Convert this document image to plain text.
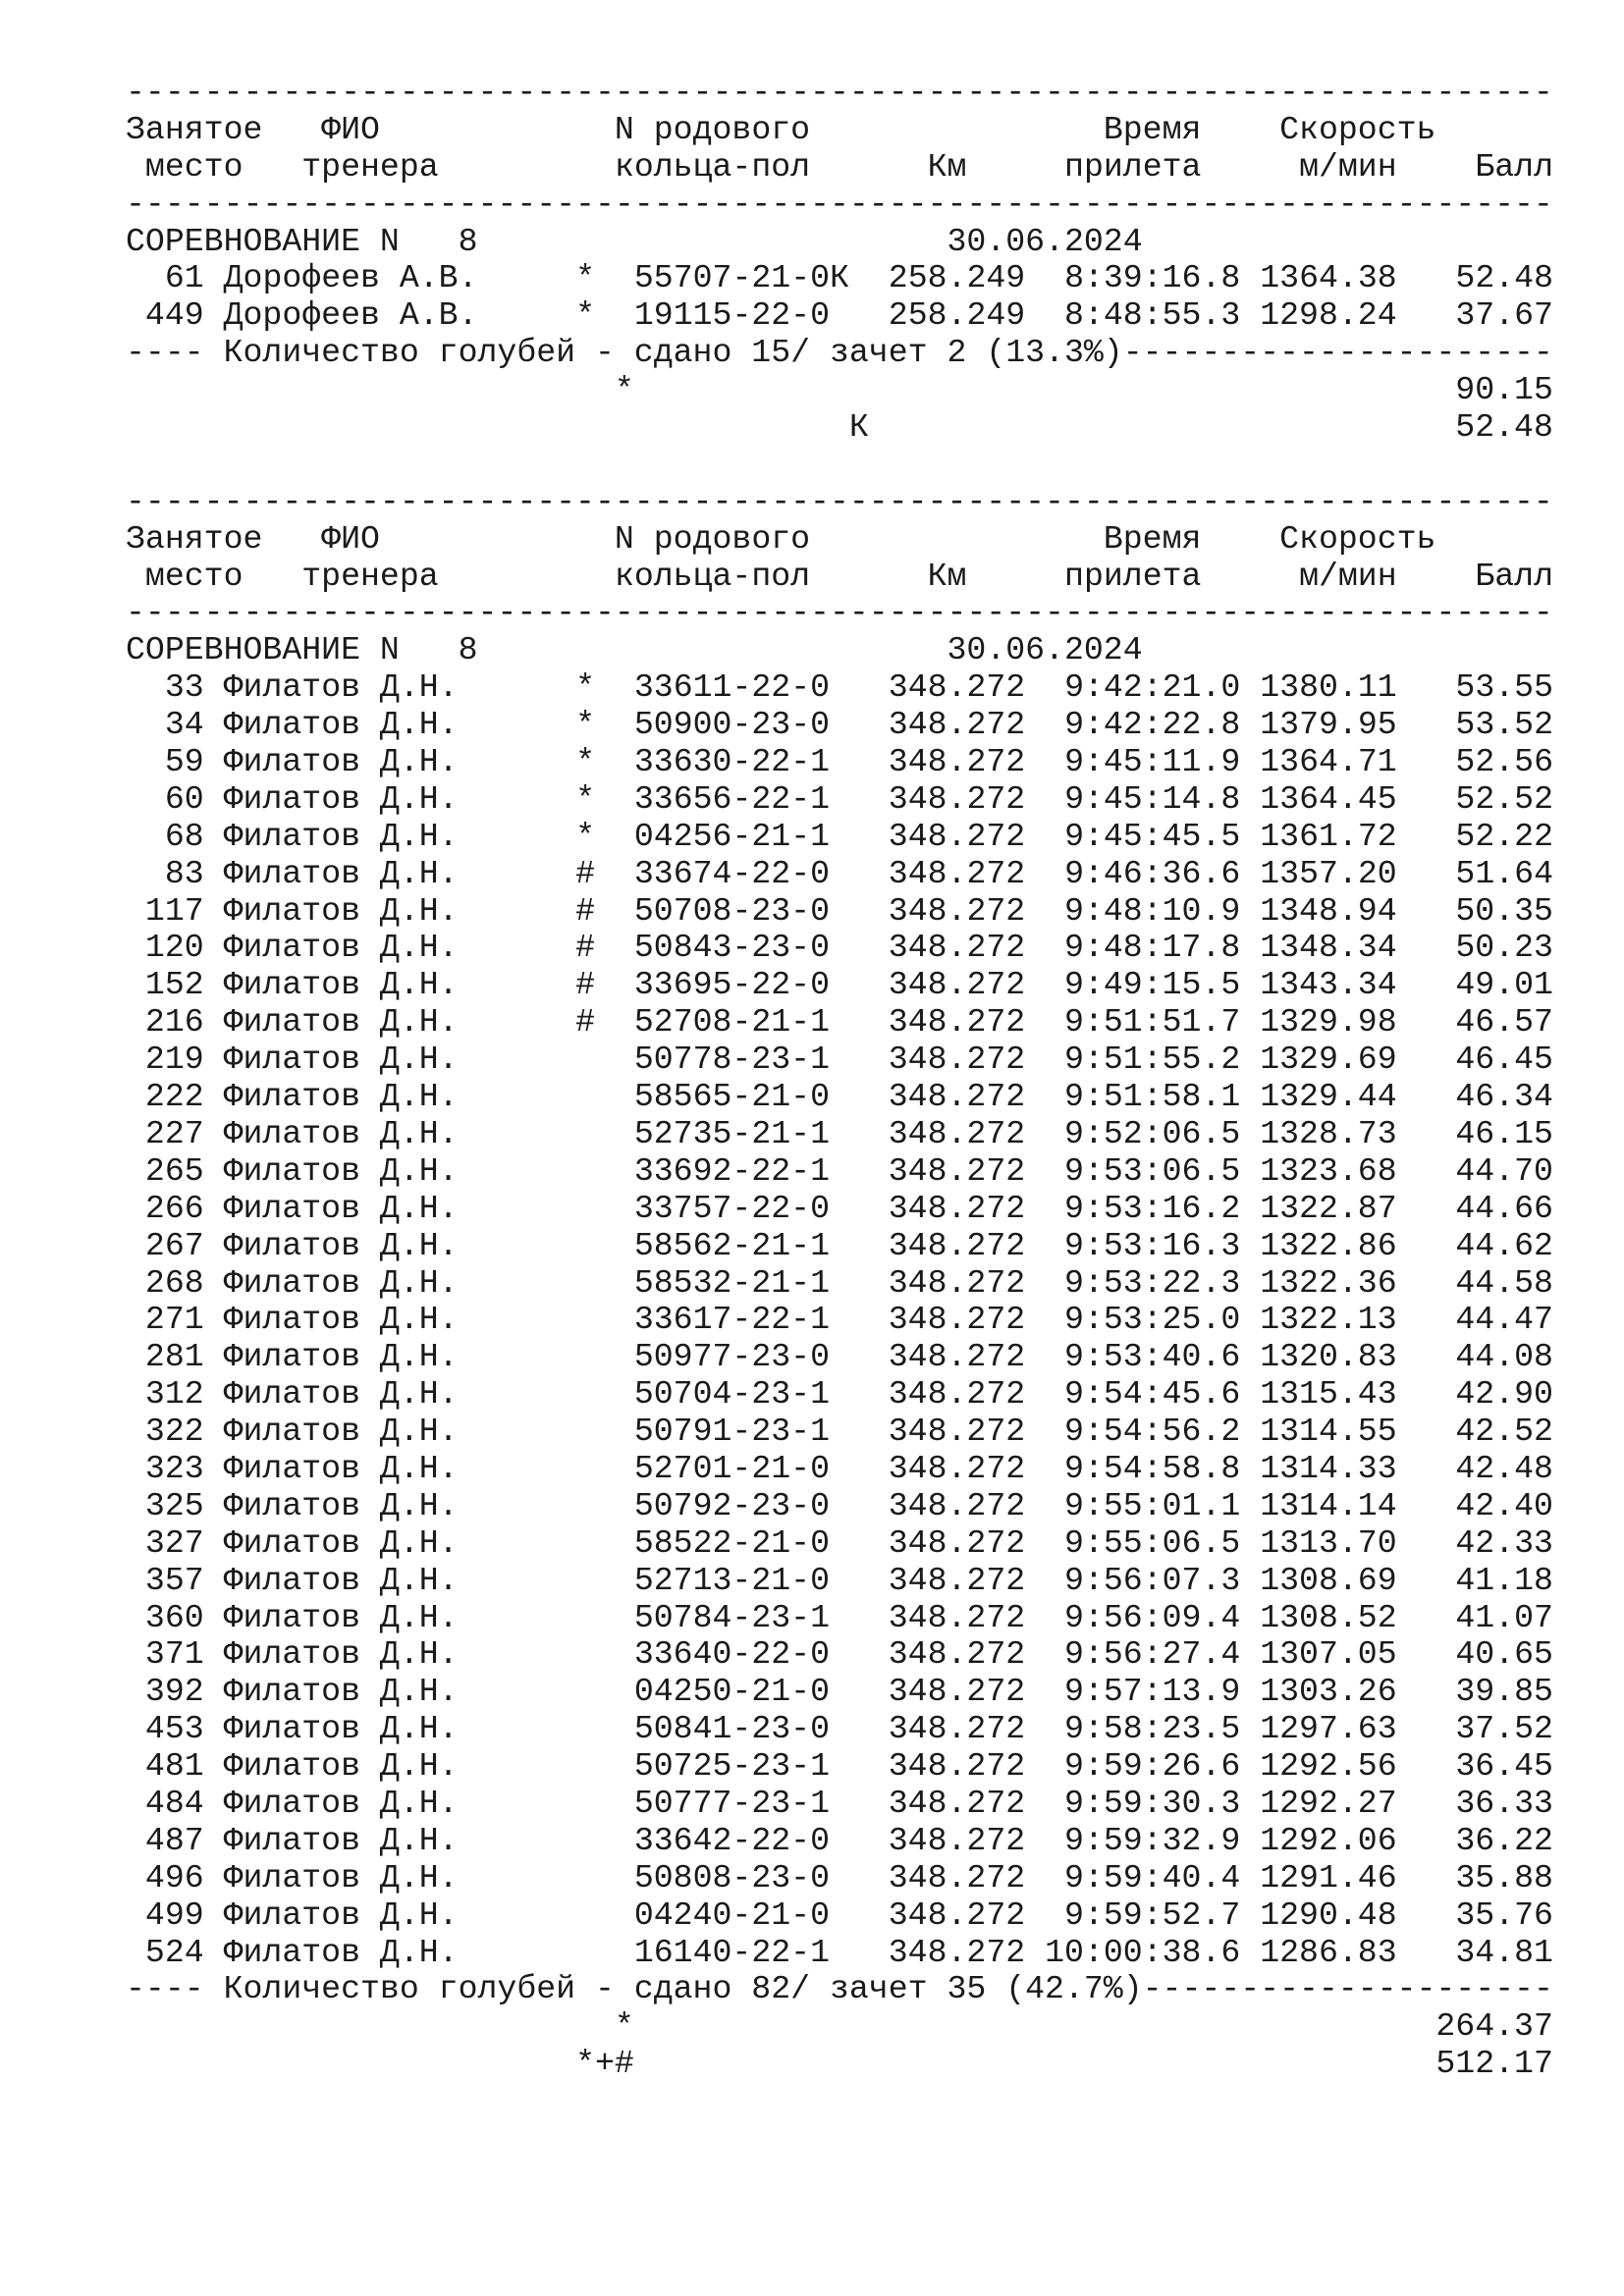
-------------------------------------------------------------------------
Занятое ФИО	N родового	Время Скорость
место тренера	кольца-пол	Км	прилета	м/мин Балл
-------------------------------------------------------------------------
СОРЕВНОВАНИЕ N   8	30.06.2024
61 Дорофеев А.В.	* 55707-21-0К 258.249 8:39:16.8 1364.38 52.48
449 Дорофеев А.В.	* 19115-22-0 258.249 8:48:55.3 1298.24 37.67
---- Количество голубей - сдано 15/ зачет 2 (13.3%)----------------------
*	90.15
К	52.48
-------------------------------------------------------------------------
Занятое ФИО	N родового	Время Скорость
место тренера	кольца-пол	Км	прилета	м/мин Балл
-------------------------------------------------------------------------
СОРЕВНОВАНИЕ N   8	30.06.2024
33 Филатов Д.Н.	* 33611-22-0 348.272 9:42:21.0 1380.11 53.55
34 Филатов Д.Н.	* 50900-23-0 348.272 9:42:22.8 1379.95 53.52
59 Филатов Д.Н.	* 33630-22-1 348.272 9:45:11.9 1364.71 52.56
60 Филатов Д.Н.	* 33656-22-1 348.272 9:45:14.8 1364.45 52.52
68 Филатов Д.Н.	* 04256-21-1 348.272 9:45:45.5 1361.72 52.22
83 Филатов Д.Н.	# 33674-22-0 348.272 9:46:36.6 1357.20 51.64
117 Филатов Д.Н.	# 50708-23-0 348.272 9:48:10.9 1348.94 50.35
120 Филатов Д.Н.	# 50843-23-0 348.272 9:48:17.8 1348.34 50.23
152 Филатов Д.Н.	# 33695-22-0 348.272 9:49:15.5 1343.34 49.01
216 Филатов Д.Н.	# 52708-21-1 348.272 9:51:51.7 1329.98 46.57
219 Филатов Д.Н.	50778-23-1 348.272 9:51:55.2 1329.69 46.45
222 Филатов Д.Н.	58565-21-0 348.272 9:51:58.1 1329.44 46.34
227 Филатов Д.Н.	52735-21-1 348.272 9:52:06.5 1328.73 46.15
265 Филатов Д.Н.	33692-22-1 348.272 9:53:06.5 1323.68 44.70
266 Филатов Д.Н.	33757-22-0 348.272 9:53:16.2 1322.87 44.66
267 Филатов Д.Н.	58562-21-1 348.272 9:53:16.3 1322.86 44.62
268 Филатов Д.Н.	58532-21-1 348.272 9:53:22.3 1322.36 44.58
271 Филатов Д.Н.	33617-22-1 348.272 9:53:25.0 1322.13 44.47
281 Филатов Д.Н.	50977-23-0 348.272 9:53:40.6 1320.83 44.08
312 Филатов Д.Н.	50704-23-1 348.272 9:54:45.6 1315.43 42.90
322 Филатов Д.Н.	50791-23-1 348.272 9:54:56.2 1314.55 42.52
323 Филатов Д.Н.	52701-21-0 348.272 9:54:58.8 1314.33 42.48
325 Филатов Д.Н.	50792-23-0 348.272 9:55:01.1 1314.14 42.40
327 Филатов Д.Н.	58522-21-0 348.272 9:55:06.5 1313.70 42.33
357 Филатов Д.Н.	52713-21-0 348.272 9:56:07.3 1308.69 41.18
360 Филатов Д.Н.	50784-23-1 348.272 9:56:09.4 1308.52 41.07
371 Филатов Д.Н.	33640-22-0 348.272 9:56:27.4 1307.05 40.65
392 Филатов Д.Н.	04250-21-0 348.272 9:57:13.9 1303.26 39.85
453 Филатов Д.Н.	50841-23-0 348.272 9:58:23.5 1297.63 37.52
481 Филатов Д.Н.	50725-23-1 348.272 9:59:26.6 1292.56 36.45
484 Филатов Д.Н.	50777-23-1 348.272 9:59:30.3 1292.27 36.33
487 Филатов Д.Н.	33642-22-0 348.272 9:59:32.9 1292.06 36.22
496 Филатов Д.Н.	50808-23-0 348.272 9:59:40.4 1291.46 35.88
499 Филатов Д.Н.	04240-21-0 348.272 9:59:52.7 1290.48 35.76
524 Филатов Д.Н.	16140-22-1 348.272 10:00:38.6 1286.83 34.81
---- Количество голубей - сдано 82/ зачет 35 (42.7%)---------------------
*	264.37
*+#	512.17
